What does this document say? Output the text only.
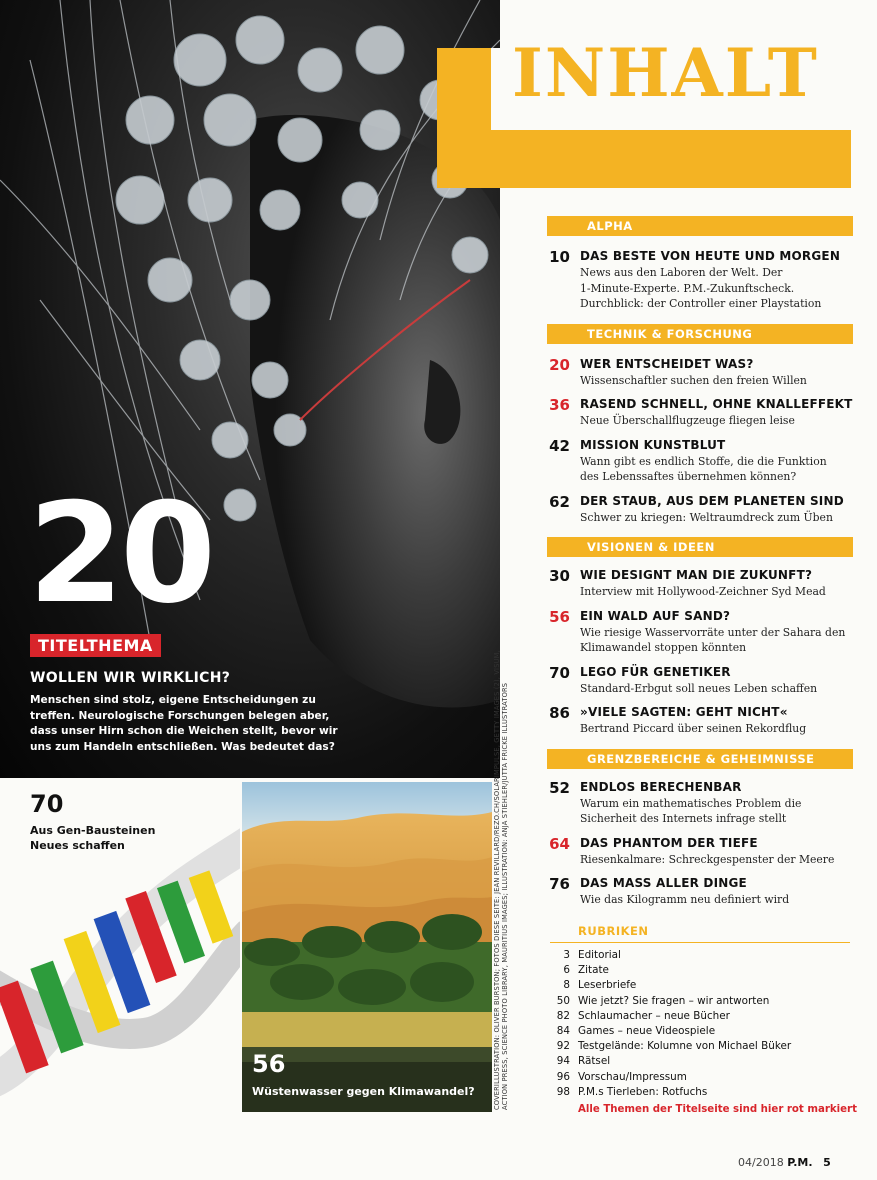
20
TITELTHEMA
WOLLEN WIR WIRKLICH?
Menschen sind stolz, eigene Entscheidungen zu treffen. Neurologische Forschungen belegen aber, dass unser Hirn schon die Weichen stellt, bevor wir uns zum Handeln entschließen. Was bedeutet das?	COVERILLUSTRATION: OLIVER BURSTON; FOTOS DIESE SEITE: JEAN REVILLARD/REZO.CH/SOLARIMPULSE, GETTY IMAGES (2), VISUM, ACTION PRESS, SCIENCE PHOTO LIBRARY, MAURITIUS IMAGES; ILLUSTRATION: ANJA STIEHLER/JUTTA FRICKE ILLUSTRATORS
70
Aus Gen-Bausteinen
Neues schaffen
56
Wüstenwasser gegen Klimawandel?
INHALT
ALPHA
10 DAS BESTE VON HEUTE UND MORGEN
News aus den Laboren der Welt. Der
1-Minute-Experte. P.M.-Zukunftscheck.
Durchblick: der Controller einer Playstation
TECHNIK & FORSCHUNG
20 WER ENTSCHEIDET WAS?
Wissenschaftler suchen den freien Willen
36 RASEND SCHNELL, OHNE KNALLEFFEKT
Neue Überschallflugzeuge fliegen leise
42 MISSION KUNSTBLUT
Wann gibt es endlich Stoffe, die die Funktion
des Lebenssaftes übernehmen können?
62 DER STAUB, AUS DEM PLANETEN SIND
Schwer zu kriegen: Weltraumdreck zum Üben
VISIONEN & IDEEN
30 WIE DESIGNT MAN DIE ZUKUNFT?
Interview mit Hollywood-Zeichner Syd Mead
56 EIN WALD AUF SAND?
Wie riesige Wasservorräte unter der Sahara den
Klimawandel stoppen könnten
70 LEGO FÜR GENETIKER
Standard-Erbgut soll neues Leben schaffen
86 »VIELE SAGTEN: GEHT NICHT«
Bertrand Piccard über seinen Rekordflug
GRENZBEREICHE & GEHEIMNISSE
52 ENDLOS BERECHENBAR
Warum ein mathematisches Problem die
Sicherheit des Internets infrage stellt
64 DAS PHANTOM DER TIEFE
Riesenkalmare: Schreckgespenster der Meere
76 DAS MASS ALLER DINGE
Wie das Kilogramm neu definiert wird
RUBRIKEN
3 Editorial
6 Zitate
8 Leserbriefe
50 Wie jetzt? Sie fragen – wir antworten
82 Schlaumacher – neue Bücher
84 Games – neue Videospiele
92 Testgelände: Kolumne von Michael Büker
94 Rätsel
96 Vorschau/Impressum
98 P.M.s Tierleben: Rotfuchs
Alle Themen der Titelseite sind hier rot markiert
04/2018 P.M. 5
